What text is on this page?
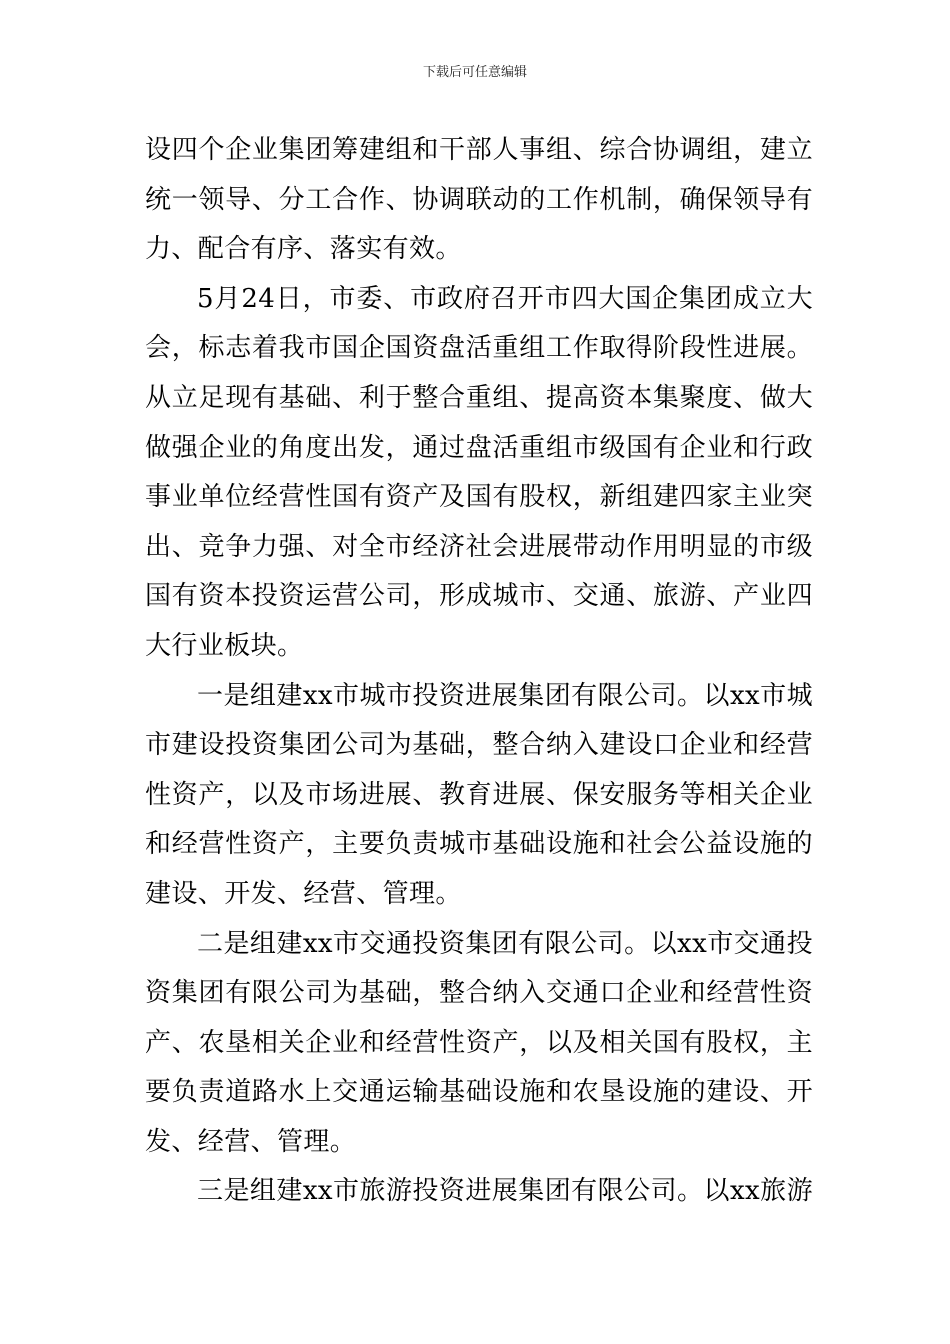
下载后可任意编辑
设四个企业集团筹建组和干部人事组、综合协调组，建立
统一领导、分工合作、协调联动的工作机制，确保领导有
力、配合有序、落实有效。
5月24日，市委、市政府召开市四大国企集团成立大
会，标志着我市国企国资盘活重组工作取得阶段性进展。
从立足现有基础、利于整合重组、提高资本集聚度、做大
做强企业的角度出发，通过盘活重组市级国有企业和行政
事业单位经营性国有资产及国有股权，新组建四家主业突
出、竞争力强、对全市经济社会进展带动作用明显的市级
国有资本投资运营公司，形成城市、交通、旅游、产业四
大行业板块。
一是组建xx市城市投资进展集团有限公司。以xx市城
市建设投资集团公司为基础，整合纳入建设口企业和经营
性资产，以及市场进展、教育进展、保安服务等相关企业
和经营性资产，主要负责城市基础设施和社会公益设施的
建设、开发、经营、管理。
二是组建xx市交通投资集团有限公司。以xx市交通投
资集团有限公司为基础，整合纳入交通口企业和经营性资
产、农垦相关企业和经营性资产，以及相关国有股权，主
要负责道路水上交通运输基础设施和农垦设施的建设、开
发、经营、管理。
三是组建xx市旅游投资进展集团有限公司。以xx旅游
